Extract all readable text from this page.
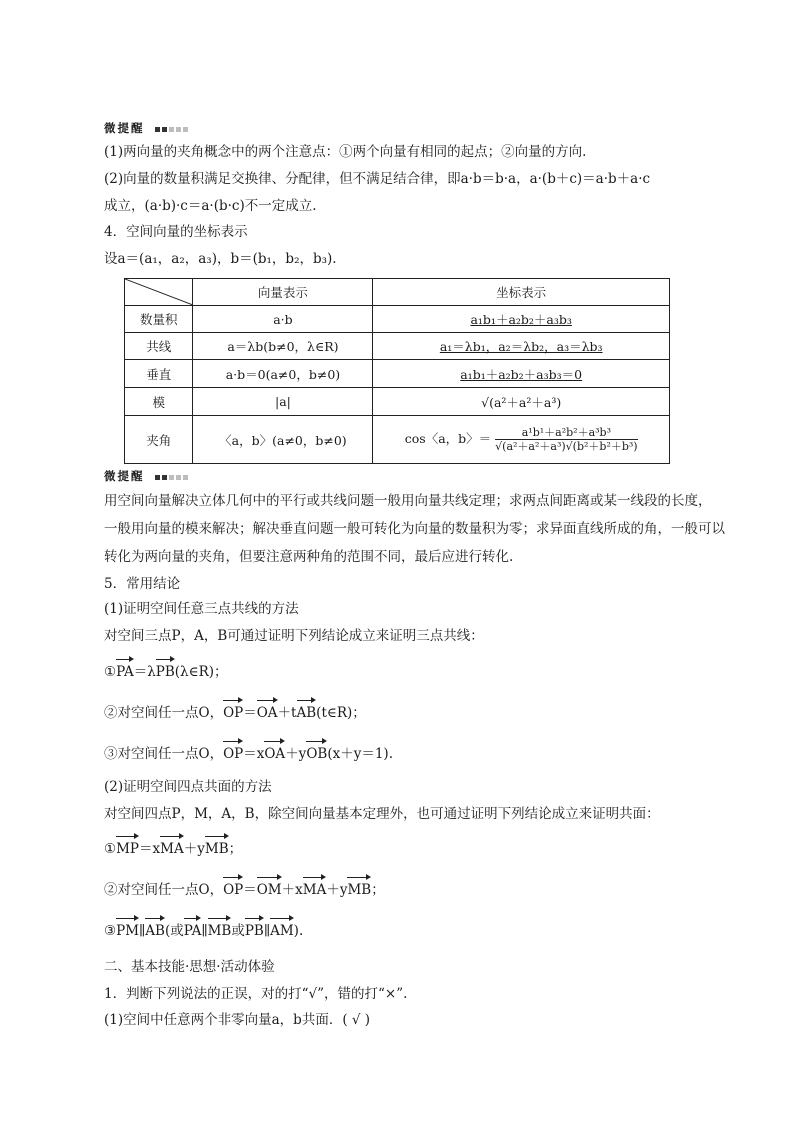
微提醒
(1)两向量的夹角概念中的两个注意点：①两个向量有相同的起点；②向量的方向.
(2)向量的数量积满足交换律、分配律，但不满足结合律，即a·b＝b·a，a·(b＋c)＝a·b＋a·c
成立，(a·b)·c＝a·(b·c)不一定成立.
4．空间向量的坐标表示
设a＝(a₁，a₂，a₃)，b＝(b₁，b₂，b₃).
	向量表示	坐标表示
数量积	a·b	a₁b₁＋a₂b₂＋a₃b₃
共线	a＝λb(b≠0，λ∈R)	a₁＝λb₁，a₂＝λb₂，a₃＝λb₃
垂直	a·b＝0(a≠0，b≠0)	a₁b₁＋a₂b₂＋a₃b₃＝0
模	|a|	√(a²＋a²＋a³)
夹角	〈a，b〉(a≠0，b≠0)	cos〈a，b〉＝ $\frac{\text{a¹b¹＋a²b²＋a³b³}}{\text{√(a²＋a²＋a³)√(b²＋b²＋b³)}}$
微提醒
用空间向量解决立体几何中的平行或共线问题一般用向量共线定理；求两点间距离或某一线段的长度，
一般用向量的模来解决；解决垂直问题一般可转化为向量的数量积为零；求异面直线所成的角，一般可以
转化为两向量的夹角，但要注意两种角的范围不同，最后应进行转化.
5．常用结论
(1)证明空间任意三点共线的方法
对空间三点P，A，B可通过证明下列结论成立来证明三点共线：
①PA＝λPB(λ∈R)；
②对空间任一点O，OP＝OA＋tAB(t∈R)；
③对空间任一点O，OP＝xOA＋yOB(x＋y＝1).
(2)证明空间四点共面的方法
对空间四点P，M，A，B，除空间向量基本定理外，也可通过证明下列结论成立来证明共面：
①MP＝xMA＋yMB；
②对空间任一点O，OP＝OM＋xMA＋yMB；
③PM∥AB(或PA∥MB或PB∥AM).
二、基本技能·思想·活动体验
1．判断下列说法的正误，对的打“√”，错的打“×”.
(1)空间中任意两个非零向量a，b共面．( √ )
